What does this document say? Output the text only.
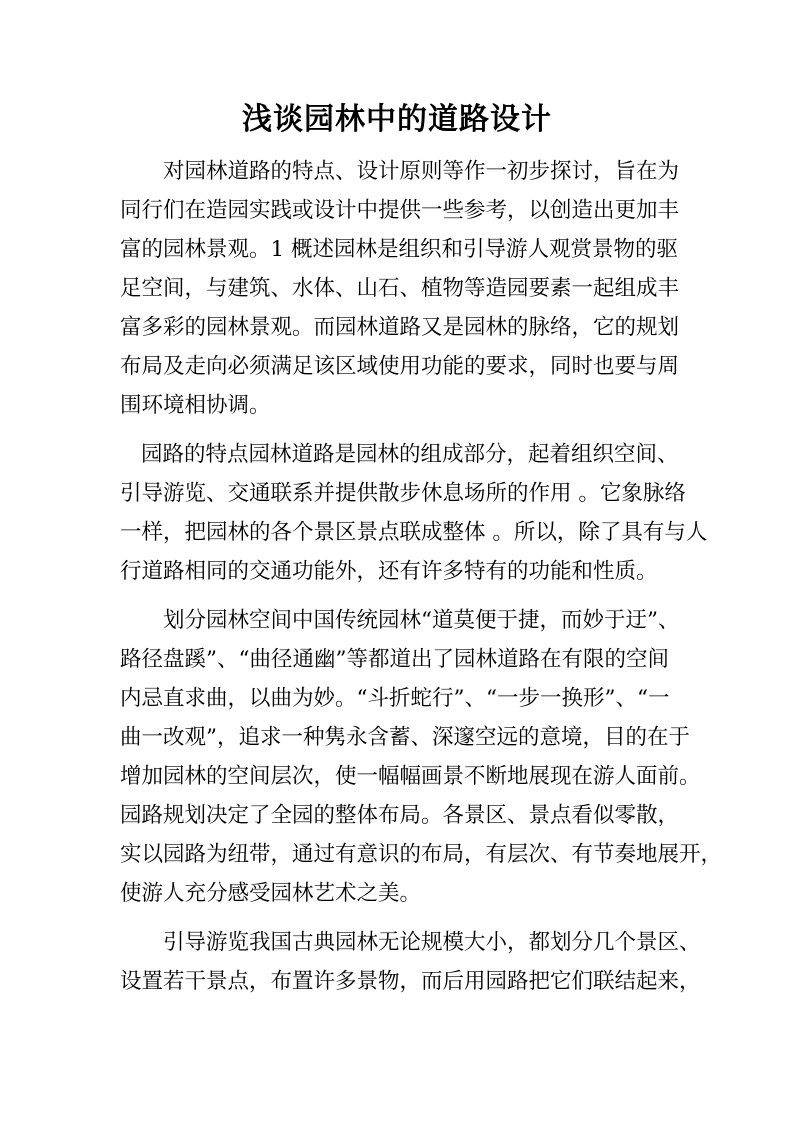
浅谈园林中的道路设计
对园林道路的特点、设计原则等作一初步探讨，旨在为
同行们在造园实践或设计中提供一些参考，以创造出更加丰
富的园林景观。1 概述园林是组织和引导游人观赏景物的驱
足空间，与建筑、水体、山石、植物等造园要素一起组成丰
富多彩的园林景观。而园林道路又是园林的脉络，它的规划
布局及走向必须满足该区域使用功能的要求，同时也要与周
围环境相协调。
园路的特点园林道路是园林的组成部分，起着组织空间、
引导游览、交通联系并提供散步休息场所的作用 。它象脉络
一样，把园林的各个景区景点联成整体 。所以，除了具有与人
行道路相同的交通功能外，还有许多特有的功能和性质。
划分园林空间中国传统园林“道莫便于捷，而妙于迂”、
路径盘蹊”、“曲径通幽”等都道出了园林道路在有限的空间
内忌直求曲，以曲为妙。“斗折蛇行”、“一步一换形”、“一
曲一改观”，追求一种隽永含蓄、深邃空远的意境，目的在于
增加园林的空间层次，使一幅幅画景不断地展现在游人面前。
园路规划决定了全园的整体布局。各景区、景点看似零散，
实以园路为纽带，通过有意识的布局，有层次、有节奏地展开，
使游人充分感受园林艺术之美。
引导游览我国古典园林无论规模大小，都划分几个景区、
设置若干景点，布置许多景物，而后用园路把它们联结起来，
